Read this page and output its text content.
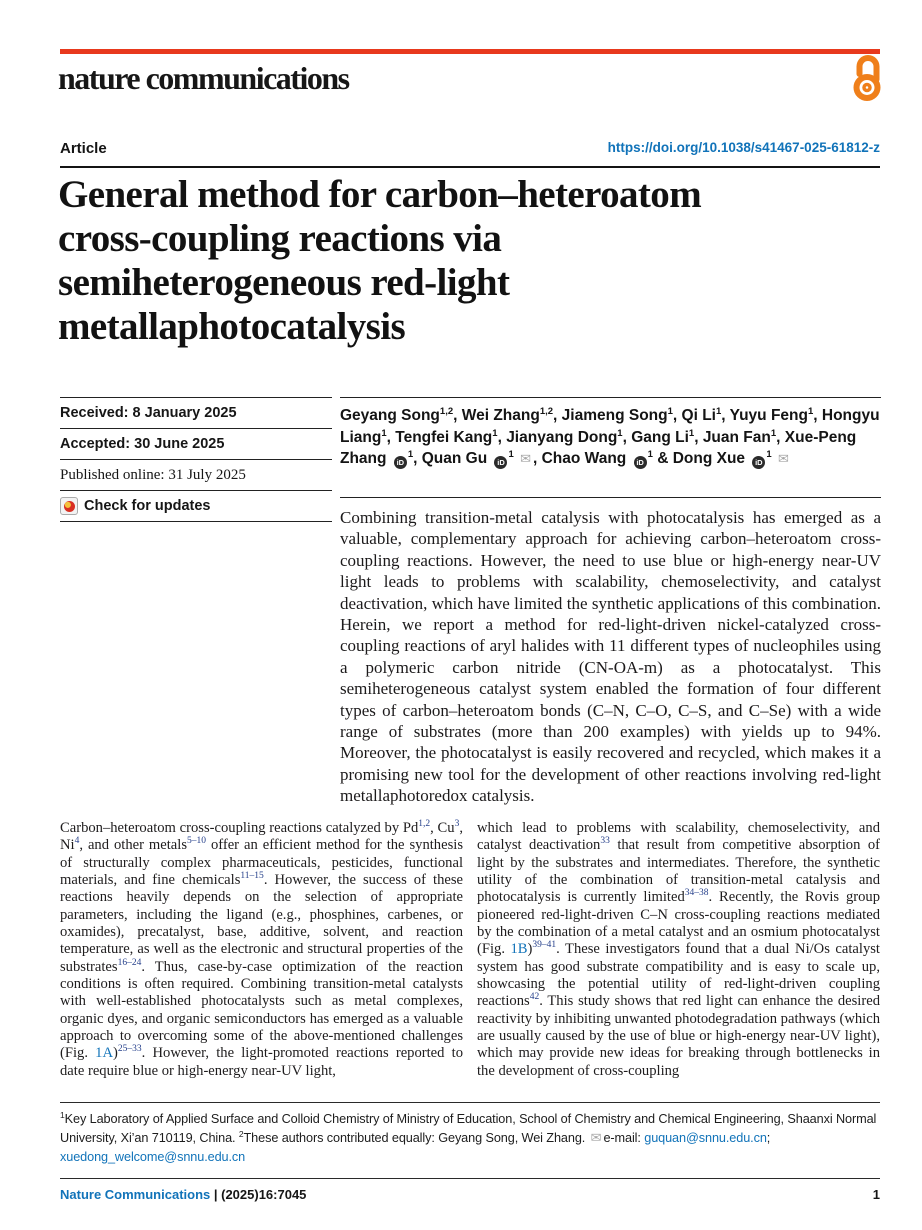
nature communications
Article	https://doi.org/10.1038/s41467-025-61812-z
General method for carbon–heteroatom
cross-coupling reactions via
semiheterogeneous red-light
metallaphotocatalysis
Received: 8 January 2025
Accepted: 30 June 2025
Published online: 31 July 2025
Check for updates
Geyang Song$^{1,2}$, Wei Zhang$^{1,2}$, Jiameng Song$^1$, Qi Li$^1$, Yuyu Feng$^1$, Hongyu Liang$^1$, Tengfei Kang$^1$, Jianyang Dong$^1$, Gang Li$^1$, Juan Fan$^1$, Xue-Peng Zhang iD$^1$, Quan Gu iD$^1$ ✉ , Chao Wang iD$^1$ & Dong Xue iD$^1$ ✉
Combining transition-metal catalysis with photocatalysis has emerged as a valuable, complementary approach for achieving carbon–heteroatom cross-coupling reactions. However, the need to use blue or high-energy near-UV light leads to problems with scalability, chemoselectivity, and catalyst deactivation, which have limited the synthetic applications of this combination. Herein, we report a method for red-light-driven nickel-catalyzed cross-coupling reactions of aryl halides with 11 different types of nucleophiles using a polymeric carbon nitride (CN-OA-m) as a photocatalyst. This semiheterogeneous catalyst system enabled the formation of four different types of carbon–heteroatom bonds (C–N, C–O, C–S, and C–Se) with a wide range of substrates (more than 200 examples) with yields up to 94%. Moreover, the photocatalyst is easily recovered and recycled, which makes it a promising new tool for the development of other reactions involving red-light metallaphotoredox catalysis.
Carbon–heteroatom cross-coupling reactions catalyzed by Pd$^{1,2}$, Cu$^3$, Ni$^4$, and other metals$^{5-10}$ offer an efficient method for the synthesis of structurally complex pharmaceuticals, pesticides, functional materials, and fine chemicals$^{11-15}$. However, the success of these reactions heavily depends on the selection of appropriate parameters, including the ligand (e.g., phosphines, carbenes, or oxamides), precatalyst, base, additive, solvent, and reaction temperature, as well as the electronic and structural properties of the substrates$^{16-24}$. Thus, case-by-case optimization of the reaction conditions is often required. Combining transition-metal catalysts with well-established photocatalysts such as metal complexes, organic dyes, and organic semiconductors has emerged as a valuable approach to overcoming some of the above-mentioned challenges (Fig. 1A)$^{25-33}$. However, the light-promoted reactions reported to date require blue or high-energy near-UV light,
which lead to problems with scalability, chemoselectivity, and catalyst deactivation$^{33}$ that result from competitive absorption of light by the substrates and intermediates. Therefore, the synthetic utility of the combination of transition-metal catalysis and photocatalysis is currently limited$^{34-38}$. Recently, the Rovis group pioneered red-light-driven C–N cross-coupling reactions mediated by the combination of a metal catalyst and an osmium photocatalyst (Fig. 1B)$^{39-41}$. These investigators found that a dual Ni/Os catalyst system has good substrate compatibility and is easy to scale up, showcasing the potential utility of red-light-driven coupling reactions$^{42}$. This study shows that red light can enhance the desired reactivity by inhibiting unwanted photodegradation pathways (which are usually caused by the use of blue or high-energy near-UV light), which may provide new ideas for breaking through bottlenecks in the development of cross-coupling
$^1$Key Laboratory of Applied Surface and Colloid Chemistry of Ministry of Education, School of Chemistry and Chemical Engineering, Shaanxi Normal University, Xi’an 710119, China. $^2$These authors contributed equally: Geyang Song, Wei Zhang. ✉ e-mail: guquan@snnu.edu.cn; xuedong_welcome@snnu.edu.cn
Nature Communications | (2025)16:7045	1
